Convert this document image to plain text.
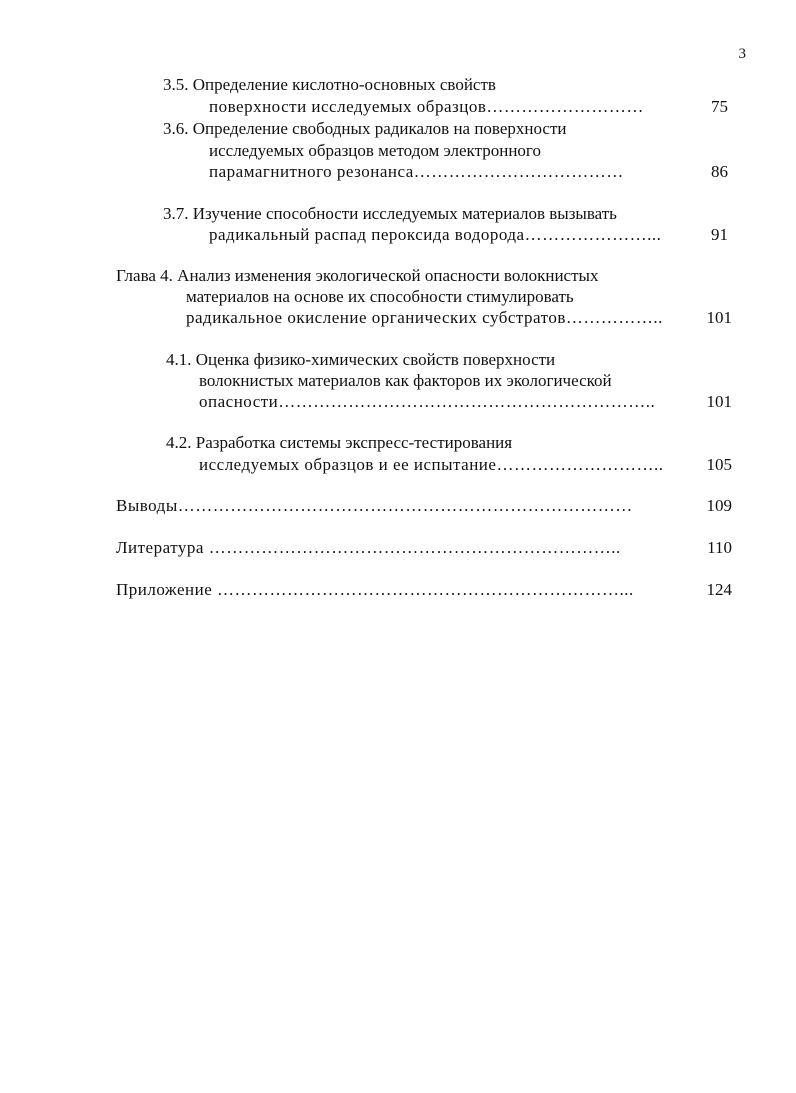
3
3.5. Определение кислотно-основных свойств
поверхности исследуемых образцов………………………	75
3.6. Определение свободных радикалов на поверхности
исследуемых образцов методом электронного
парамагнитного резонанса………………………………	86
3.7. Изучение способности исследуемых материалов вызывать
радикальный распад пероксида водорода…………………...	91
Глава 4. Анализ изменения экологической опасности волокнистых
материалов на основе их способности стимулировать
радикальное окисление органических субстратов……………..	101
4.1. Оценка физико-химических свойств поверхности
волокнистых материалов как факторов их экологической
опасности………………………………………………………..	101
4.2. Разработка системы экспресс-тестирования
исследуемых образцов и ее испытание………………………..	105
Выводы……………………………………………………………………	109
Литература ……………………………………………………………..	110
Приложение ……………………………………………………………...	124
